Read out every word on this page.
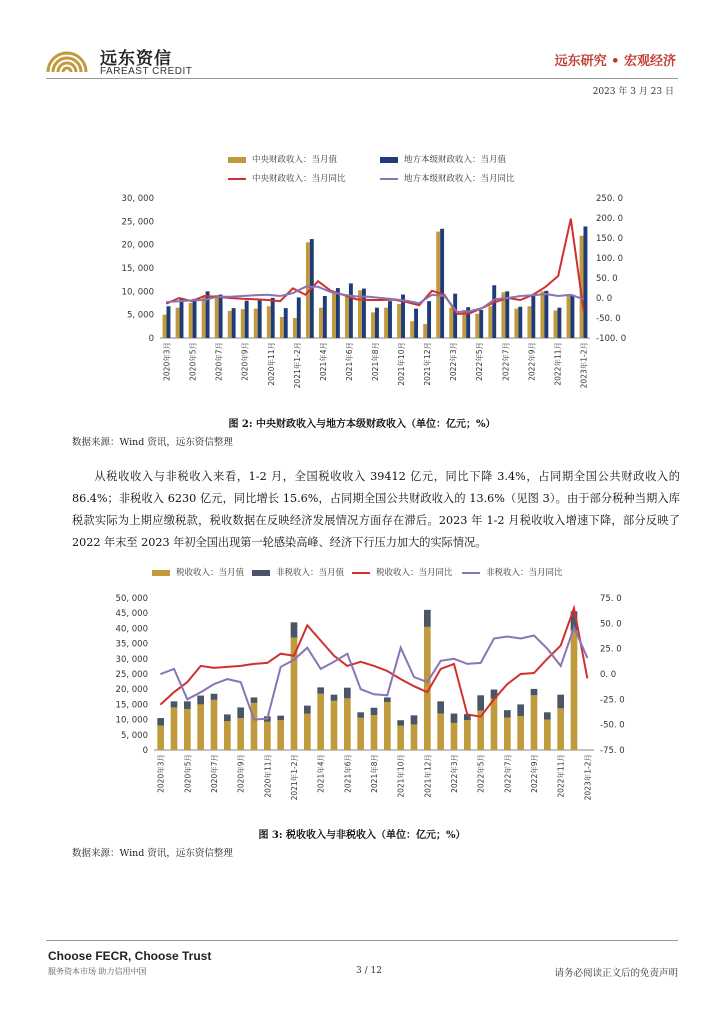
远东资信
FAREAST CREDIT
远东研究 • 宏观经济
2023 年 3 月 23 日
中央财政收入：当月值	地方本级财政收入：当月值
中央财政收入：当月同比	地方本级财政收入：当月同比
0
5, 000
10, 000
15, 000
20, 000
25, 000
30, 000
-100. 0
-50. 0
0. 0
50. 0
100. 0
150. 0
200. 0
250. 0
2020年3月 2020年5月 2020年7月 2020年9月 2020年11月 2021年1-2月 2021年4月 2021年6月 2021年8月 2021年10月 2021年12月 2022年3月 2022年5月 2022年7月 2022年9月 2022年11月 2023年1-2月
图 2: 中央财政收入与地方本级财政收入（单位：亿元；%）
数据来源：Wind 资讯，远东资信整理
从税收收入与非税收入来看，1-2 月，全国税收收入 39412 亿元，同比下降 3.4%，占同期全国公共财政收入的 86.4%；非税收入 6230 亿元，同比增长 15.6%，占同期全国公共财政收入的 13.6%（见图 3）。由于部分税种当期入库税款实际为上期应缴税款，税收数据在反映经济发展情况方面存在滞后。2023 年 1-2 月税收收入增速下降，部分反映了 2022 年末至 2023 年初全国出现第一轮感染高峰、经济下行压力加大的实际情况。
税收收入：当月值	非税收入：当月值	税收收入：当月同比	非税收入：当月同比
0
5, 000
10, 000
15, 000
20, 000
25, 000
30, 000
35, 000
40, 000
45, 000
50, 000
-75. 0
-50. 0
-25. 0
0. 0
25. 0
50. 0
75. 0
2020年3月 2020年5月 2020年7月 2020年9月 2020年11月 2021年1-2月 2021年4月 2021年6月 2021年8月 2021年10月 2021年12月 2022年3月 2022年5月 2022年7月 2022年9月 2022年11月 2023年1-2月
图 3: 税收收入与非税收入（单位：亿元；%）
数据来源：Wind 资讯，远东资信整理
Choose FECR, Choose Trust
服务资本市场 助力信用中国	3 / 12	请务必阅读正文后的免责声明
